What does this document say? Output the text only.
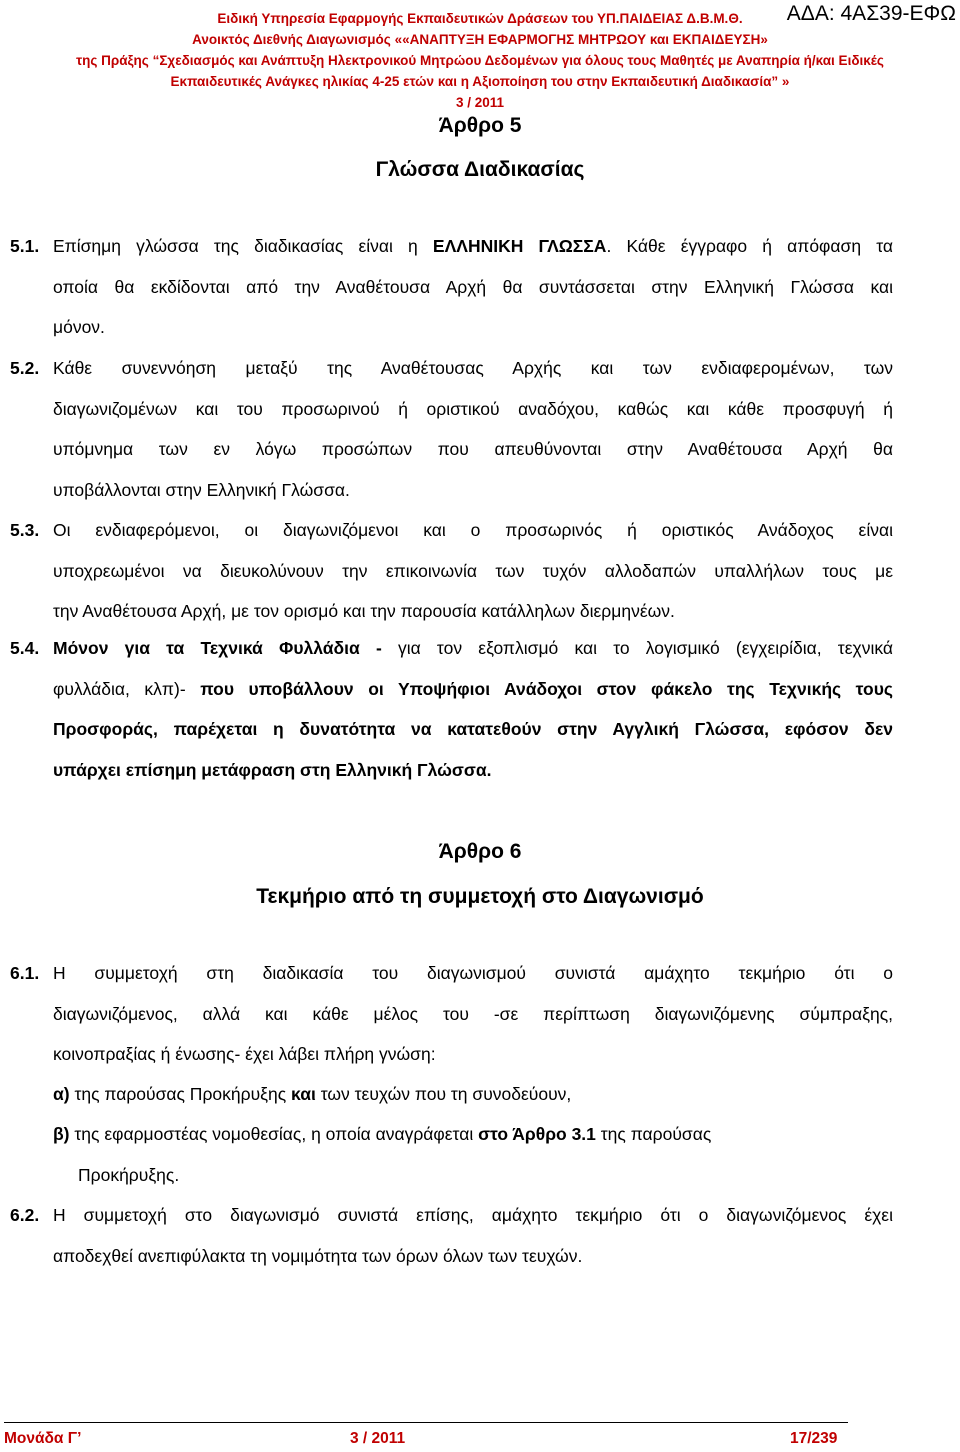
Ειδική Υπηρεσία Εφαρμογής Εκπαιδευτικών Δράσεων του ΥΠ.ΠΑΙΔΕΙΑΣ Δ.Β.Μ.Θ.
Ανοικτός Διεθνής Διαγωνισμός ««ΑΝΑΠΤΥΞΗ ΕΦΑΡΜΟΓΗΣ ΜΗΤΡΩΟΥ και ΕΚΠΑΙΔΕΥΣΗ»
της Πράξης “Σχεδιασμός και Ανάπτυξη Ηλεκτρονικού Μητρώου Δεδομένων για όλους τους Μαθητές με Αναπηρία ή/και Ειδικές
Εκπαιδευτικές Ανάγκες ηλικίας 4-25 ετών και η Αξιοποίηση του στην Εκπαιδευτική Διαδικασία” »
3 / 2011
ΑΔΑ: 4ΑΣ39-ΕΦΩ
Άρθρο 5
Γλώσσα Διαδικασίας
5.1. Επίσημη γλώσσα της διαδικασίας είναι η ΕΛΛΗΝΙΚΗ ΓΛΩΣΣΑ. Κάθε έγγραφο ή απόφαση τα
οποία θα εκδίδονται από την Αναθέτουσα Αρχή θα συντάσσεται στην Ελληνική Γλώσσα και
μόνον.
5.2. Κάθε συνεννόηση μεταξύ της Αναθέτουσας Αρχής και των ενδιαφερομένων, των
διαγωνιζομένων και του προσωρινού ή οριστικού αναδόχου, καθώς και κάθε προσφυγή ή
υπόμνημα των εν λόγω προσώπων που απευθύνονται στην Αναθέτουσα Αρχή θα
υποβάλλονται στην Ελληνική Γλώσσα.
5.3. Οι ενδιαφερόμενοι, οι διαγωνιζόμενοι και ο προσωρινός ή οριστικός Ανάδοχος είναι
υποχρεωμένοι να διευκολύνουν την επικοινωνία των τυχόν αλλοδαπών υπαλλήλων τους με
την Αναθέτουσα Αρχή, με τον ορισμό και την παρουσία κατάλληλων διερμηνέων.
5.4. Μόνον για τα Τεχνικά Φυλλάδια - για τον εξοπλισμό και το λογισμικό (εγχειρίδια, τεχνικά
φυλλάδια, κλπ)- που υποβάλλουν οι Υποψήφιοι Ανάδοχοι στον φάκελο της Τεχνικής τους
Προσφοράς, παρέχεται η δυνατότητα να κατατεθούν στην Αγγλική Γλώσσα, εφόσον δεν
υπάρχει επίσημη μετάφραση στη Ελληνική Γλώσσα.
Άρθρο 6
Τεκμήριο από τη συμμετοχή στο Διαγωνισμό
6.1. Η συμμετοχή στη διαδικασία του διαγωνισμού συνιστά αμάχητο τεκμήριο ότι ο
διαγωνιζόμενος, αλλά και κάθε μέλος του -σε περίπτωση διαγωνιζόμενης σύμπραξης,
κοινοπραξίας ή ένωσης- έχει λάβει πλήρη γνώση:
α) της παρούσας Προκήρυξης και των τευχών που τη συνοδεύουν,
β) της εφαρμοστέας νομοθεσίας, η οποία αναγράφεται στο Άρθρο 3.1 της παρούσας
Προκήρυξης.
6.2. Η συμμετοχή στο διαγωνισμό συνιστά επίσης, αμάχητο τεκμήριο ότι ο διαγωνιζόμενος έχει
αποδεχθεί ανεπιφύλακτα τη νομιμότητα των όρων όλων των τευχών.
Μονάδα Γ’	3 / 2011	17/239
